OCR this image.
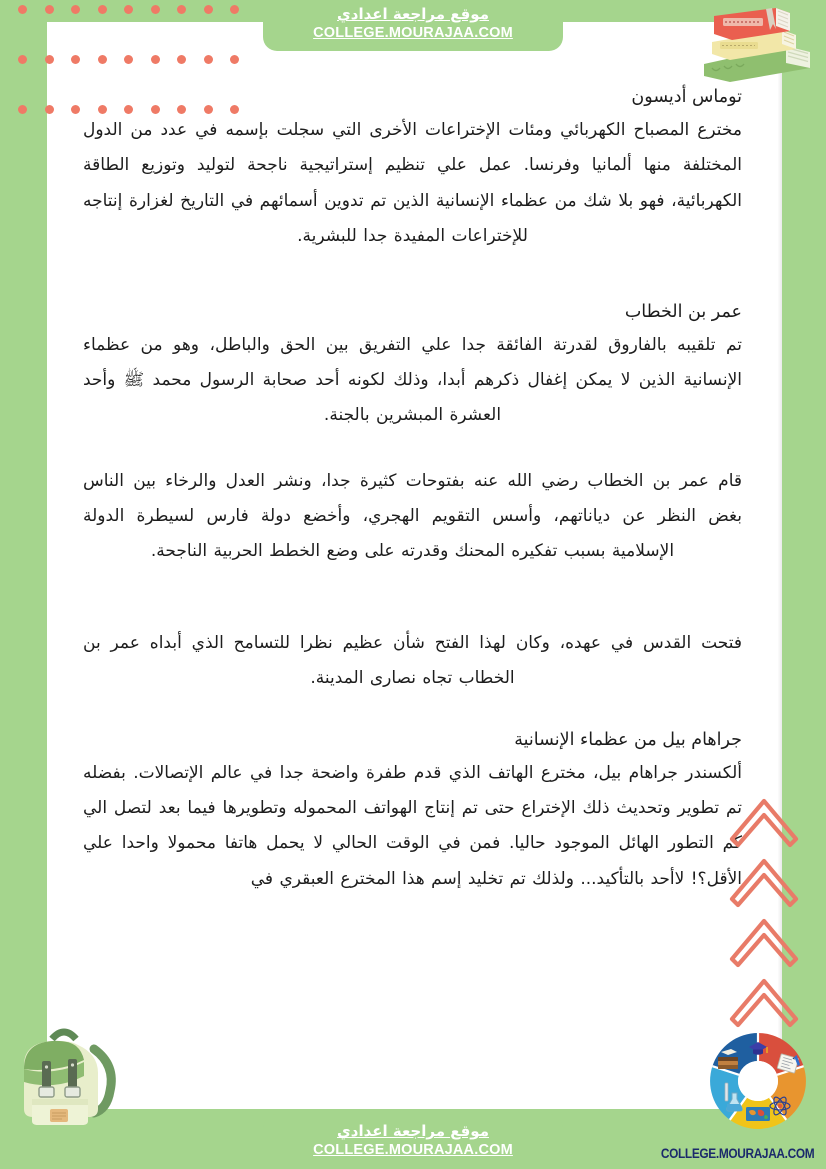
توماس أديسون
مخترع المصباح الكهربائي ومئات الإختراعات الأخرى التي سجلت بإسمه في عدد من الدول المختلفة منها ألمانيا وفرنسا. عمل علي تنظيم إستراتيجية ناجحة لتوليد وتوزيع الطاقة الكهربائية، فهو بلا شك من عظماء الإنسانية الذين تم تدوين أسمائهم في التاريخ لغزارة إنتاجه للإختراعات المفيدة جدا للبشرية.
عمر بن الخطاب
تم تلقيبه بالفاروق لقدرتة الفائقة جدا علي التفريق بين الحق والباطل، وهو من عظماء الإنسانية الذين لا يمكن إغفال ذكرهم أبدا، وذلك لكونه أحد صحابة الرسول محمد ﷺ وأحد العشرة المبشرين بالجنة.
قام عمر بن الخطاب رضي الله عنه بفتوحات كثيرة جدا، ونشر العدل والرخاء بين الناس بغض النظر عن دياناتهم، وأسس التقويم الهجري، وأخضع دولة فارس لسيطرة الدولة الإسلامية بسبب تفكيره المحنك وقدرته على وضع الخطط الحربية الناجحة.
فتحت القدس في عهده، وكان لهذا الفتح شأن عظيم نظرا للتسامح الذي أبداه عمر بن الخطاب تجاه نصارى المدينة.
جراهام بيل من عظماء الإنسانية
ألكسندر جراهام بيل، مخترع الهاتف الذي قدم طفرة واضحة جدا في عالم الإتصالات. بفضله تم تطوير وتحديث ذلك الإختراع حتى تم إنتاج الهواتف المحموله وتطويرها فيما بعد لتصل الي كم التطور الهائل الموجود حاليا. فمن في الوقت الحالي لا يحمل هاتفا محمولا واحدا علي الأقل؟! لاأحد بالتأكيد... ولذلك تم تخليد إسم هذا المخترع العبقري في
موقع مراجعة اعدادي
COLLEGE.MOURAJAA.COM
موقع مراجعة اعدادي
COLLEGE.MOURAJAA.COM	COLLEGE.MOURAJAA.COM
